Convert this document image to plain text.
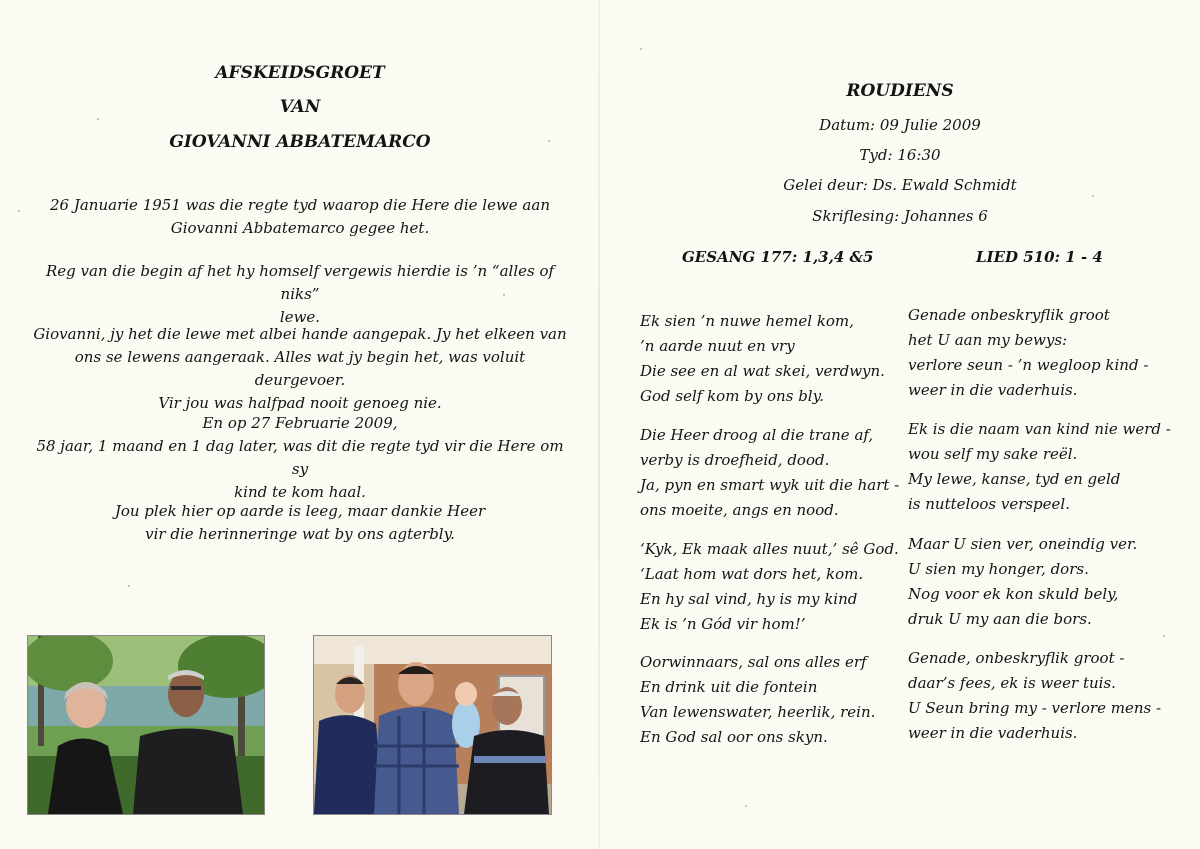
AFSKEIDSGROET
VAN
GIOVANNI ABBATEMARCO

26 Januarie 1951 was die regte tyd waarop die Here die lewe aan
Giovanni Abbatemarco gegee het.

Reg van die begin af het hy homself vergewis hierdie is ’n “alles of niks”
lewe.

Giovanni, jy het die lewe met albei hande aangepak. Jy het elkeen van
ons se lewens aangeraak. Alles wat jy begin het, was voluit deurgevoer.
Vir jou was halfpad nooit genoeg nie.

En op 27 Februarie 2009,
58 jaar, 1 maand en 1 dag later, was dit die regte tyd vir die Here om sy
kind te kom haal.

Jou plek hier op aarde is leeg, maar dankie Heer
vir die herinneringe wat by ons agterbly.

ROUDIENS
Datum: 09 Julie 2009
Tyd: 16:30
Gelei deur: Ds. Ewald Schmidt
Skriflesing: Johannes 6
GESANG 177: 1,3,4 &5	LIED 510: 1 - 4

Ek sien ’n nuwe hemel kom,
’n aarde nuut en vry
Die see en al wat skei, verdwyn.
God self kom by ons bly.

Die Heer droog al die trane af,
verby is droefheid, dood.
Ja, pyn en smart wyk uit die hart -
ons moeite, angs en nood.

‘Kyk, Ek maak alles nuut,’ sê God.
‘Laat hom wat dors het, kom.
En hy sal vind, hy is my kind
Ek is ’n Gód vir hom!’

Oorwinnaars, sal ons alles erf
En drink uit die fontein
Van lewenswater, heerlik, rein.
En God sal oor ons skyn.

Genade onbeskryflik groot
het U aan my bewys:
verlore seun - ’n wegloop kind -
weer in die vaderhuis.

Ek is die naam van kind nie werd -
wou self my sake reël.
My lewe, kanse, tyd en geld
is nutteloos verspeel.

Maar U sien ver, oneindig ver.
U sien my honger, dors.
Nog voor ek kon skuld bely,
druk U my aan die bors.

Genade, onbeskryflik groot -
daar’s fees, ek is weer tuis.
U Seun bring my - verlore mens -
weer in die vaderhuis.
